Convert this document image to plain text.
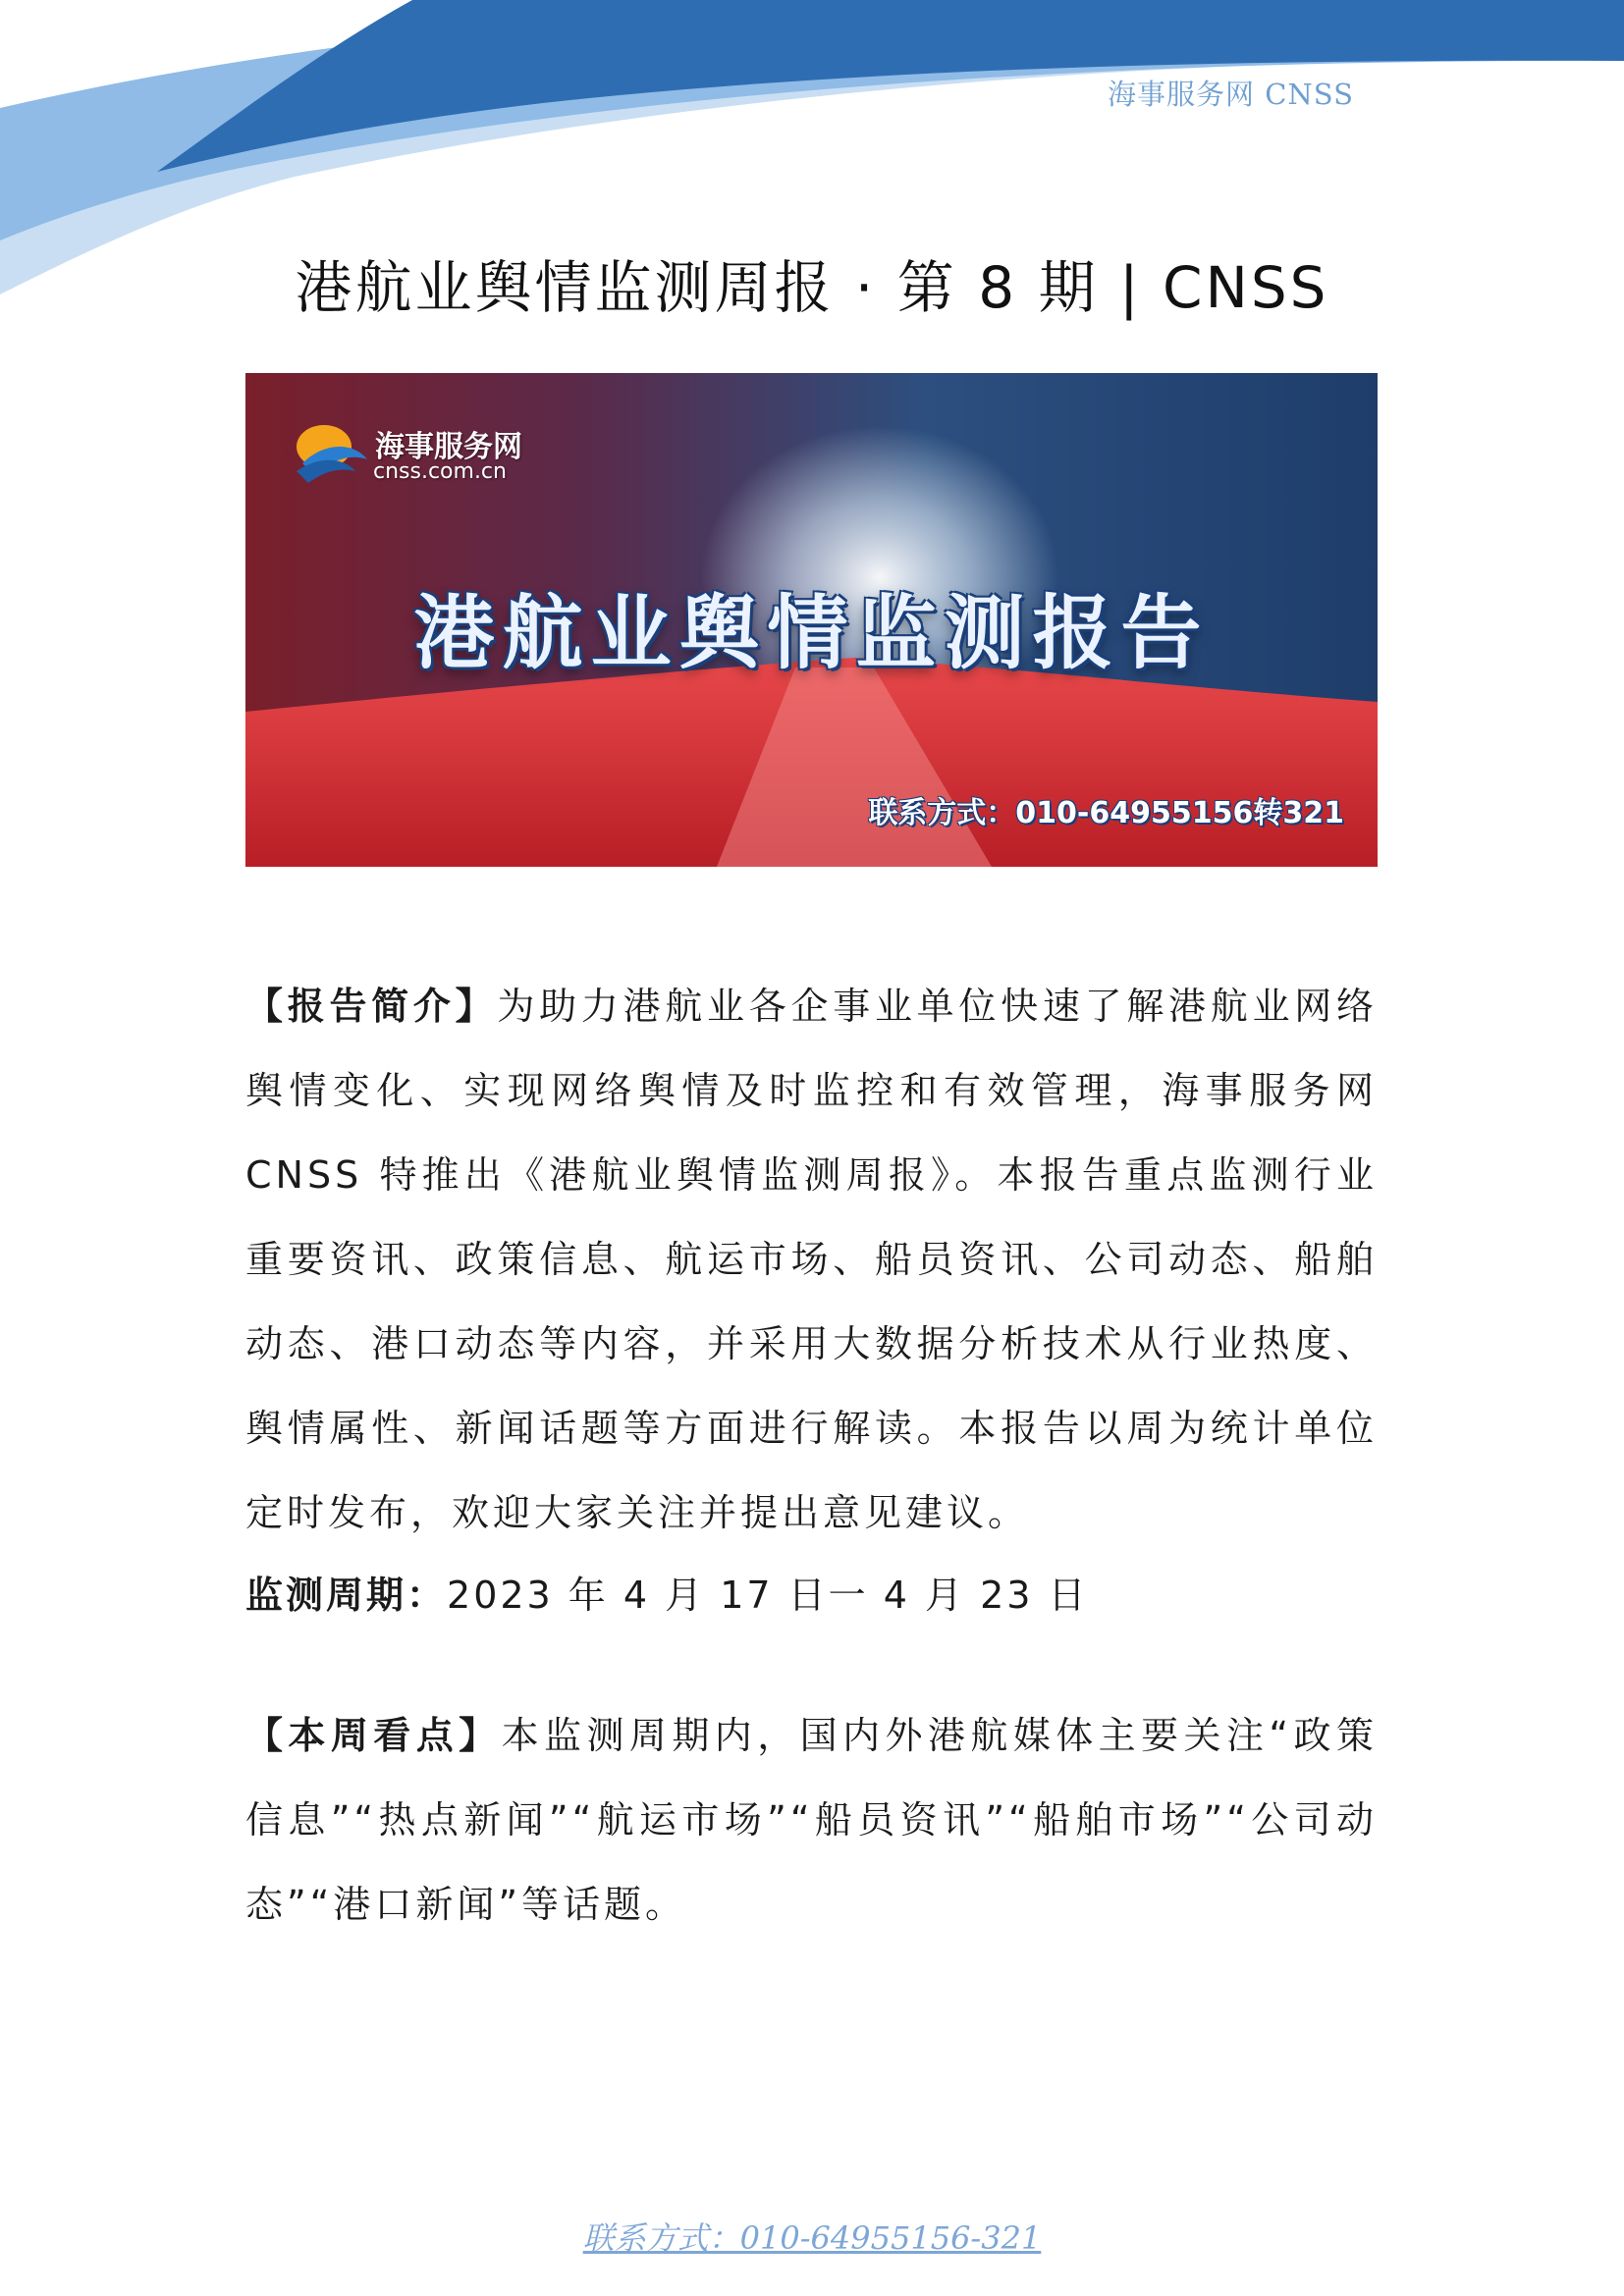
海事服务网 CNSS
港航业舆情监测周报 · 第 8 期 | CNSS
海事服务网
cnss.com.cn
港航业舆情监测报告
联系方式：010-64955156转321

【报告简介】为助力港航业各企事业单位快速了解港航业网络舆情变化、实现网络舆情及时监控和有效管理，海事服务网 CNSS 特推出《港航业舆情监测周报》。本报告重点监测行业重要资讯、政策信息、航运市场、船员资讯、公司动态、船舶动态、港口动态等内容，并采用大数据分析技术从行业热度、舆情属性、新闻话题等方面进行解读。本报告以周为统计单位定时发布，欢迎大家关注并提出意见建议。

监测周期：2023 年 4 月 17 日一 4 月 23 日

【本周看点】本监测周期内，国内外港航媒体主要关注“政策信息”“热点新闻”“航运市场”“船员资讯”“船舶市场”“公司动态”“港口新闻”等话题。

联系方式：010-64955156-321
